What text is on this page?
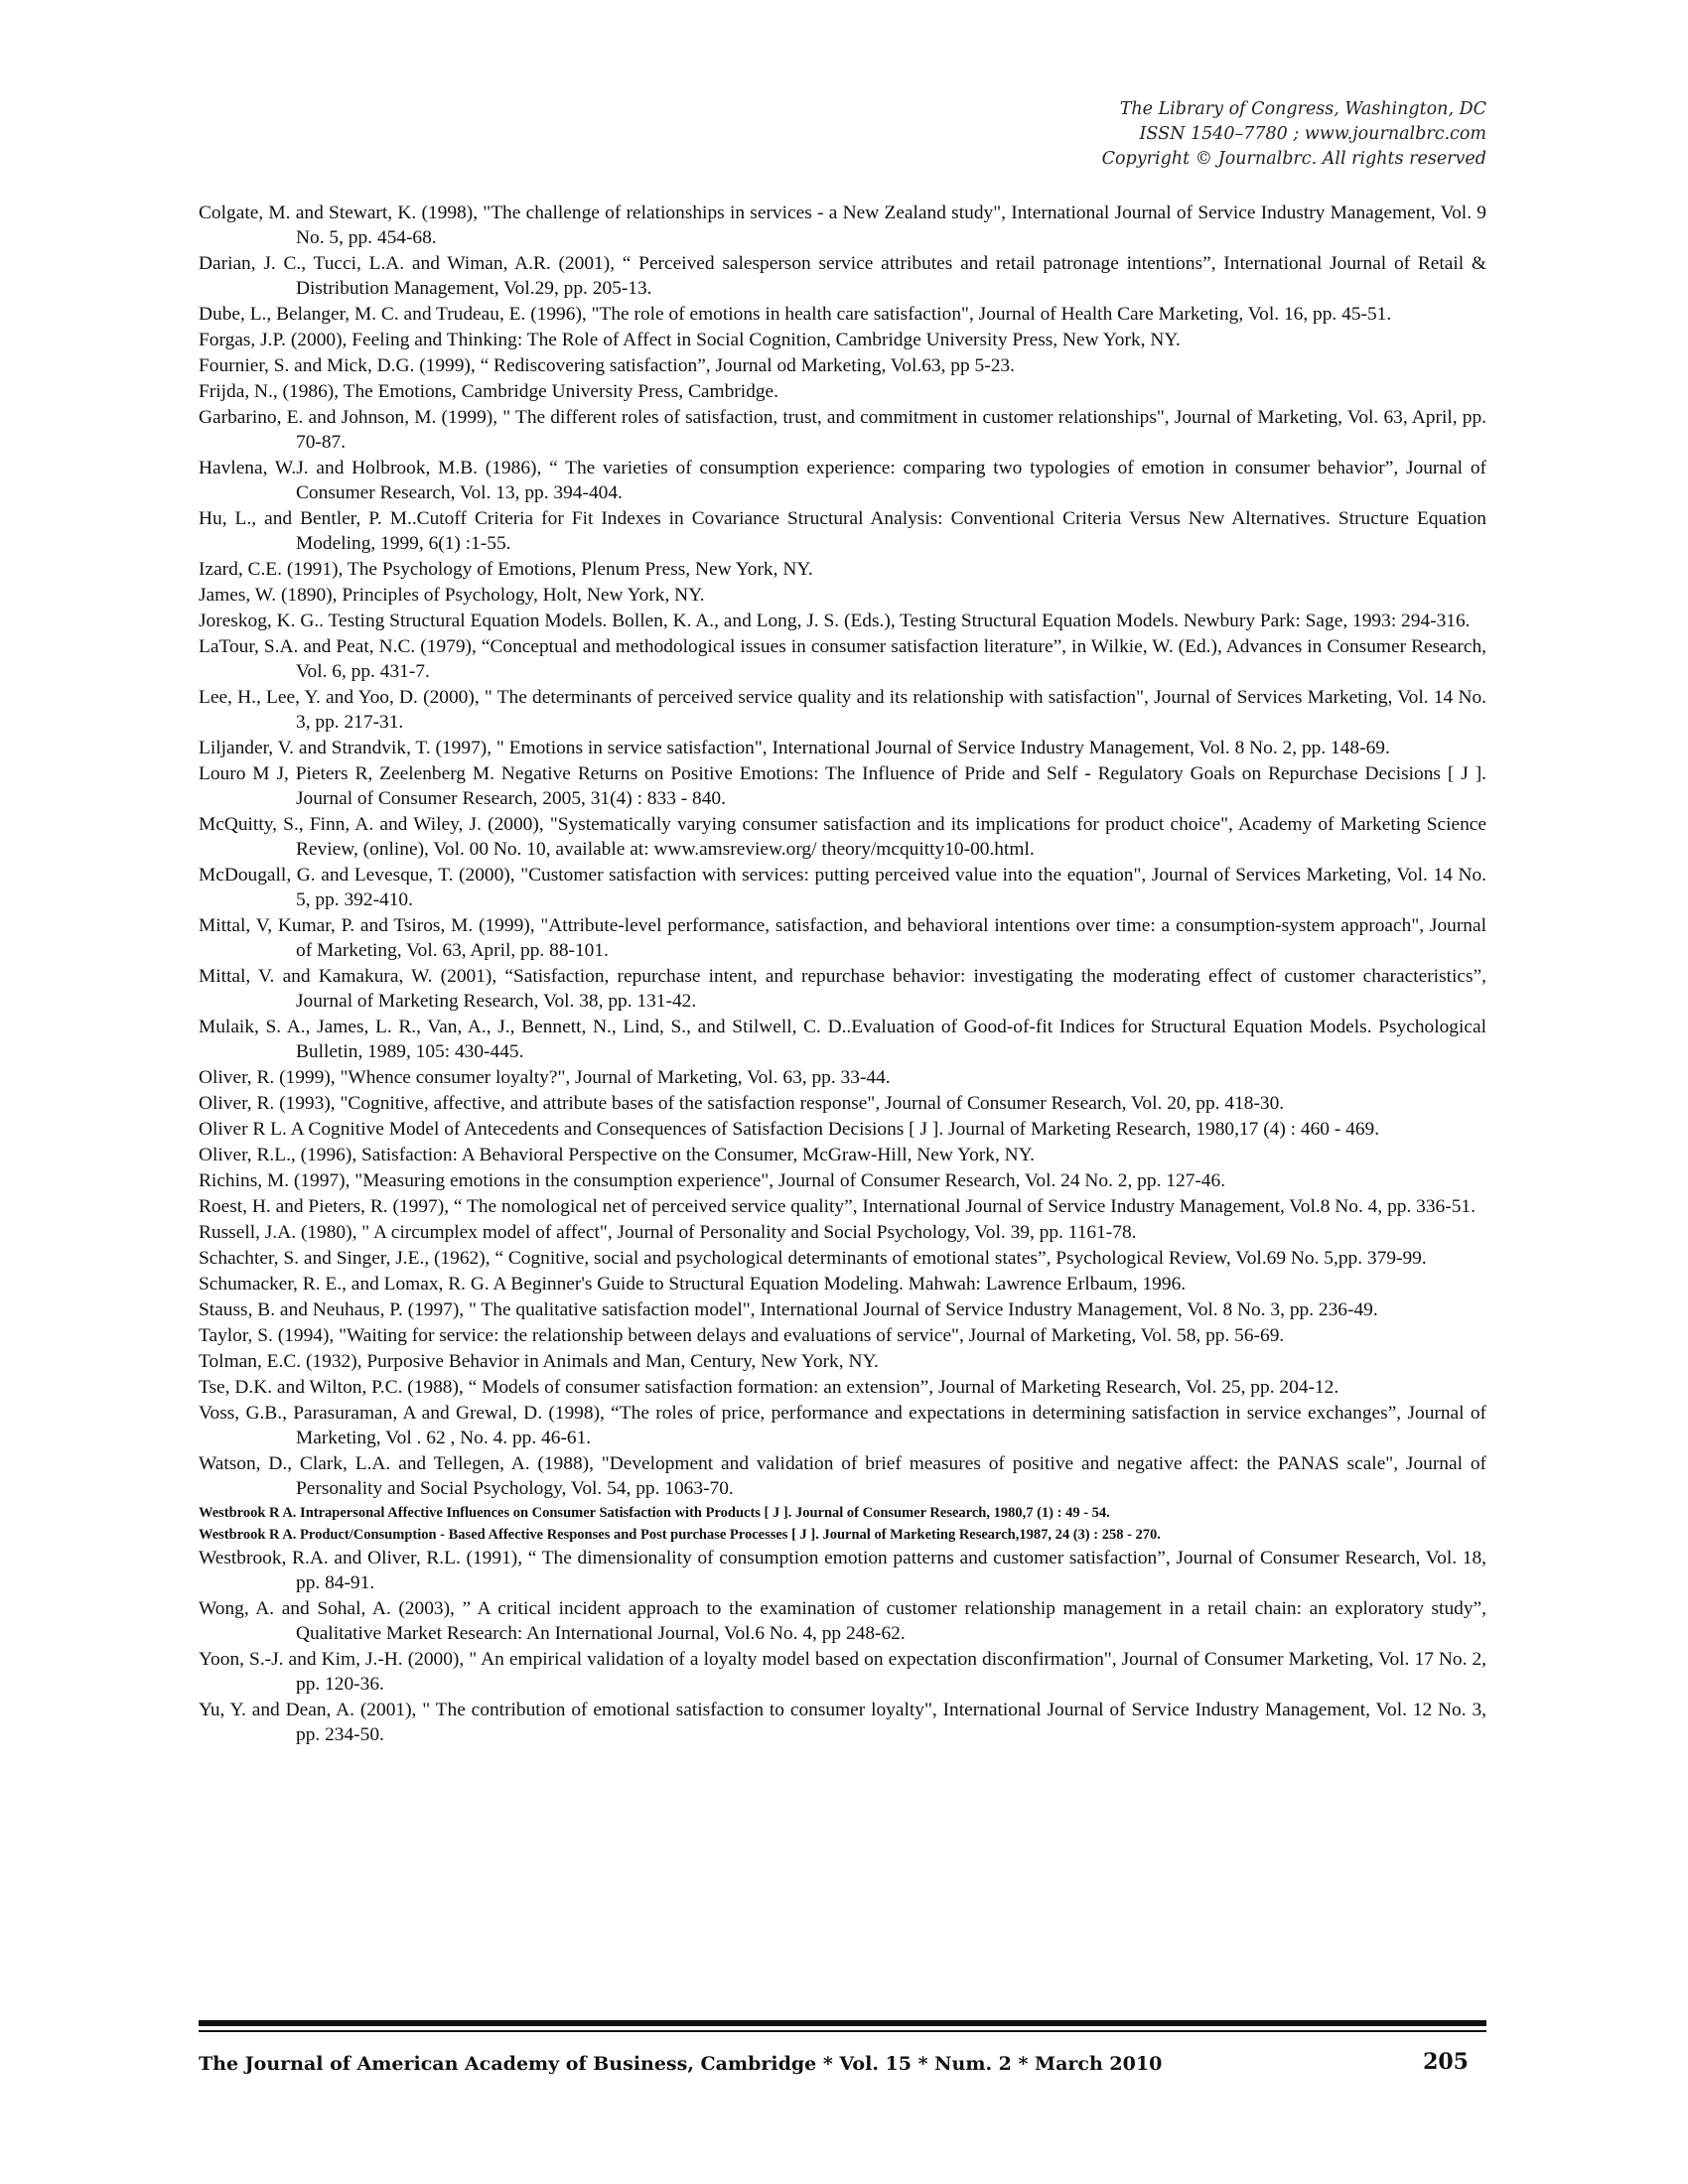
The Library of Congress, Washington, DC
ISSN 1540–7780 ; www.journalbrc.com
Copyright © Journalbrc. All rights reserved
Colgate, M. and Stewart, K. (1998), "The challenge of relationships in services - a New Zealand study", International Journal of Service Industry Management, Vol. 9 No. 5, pp. 454-68.
Darian, J. C., Tucci, L.A. and Wiman, A.R. (2001), “ Perceived salesperson service attributes and retail patronage intentions”, International Journal of Retail & Distribution Management, Vol.29, pp. 205-13.
Dube, L., Belanger, M. C. and Trudeau, E. (1996), "The role of emotions in health care satisfaction", Journal of Health Care Marketing, Vol. 16, pp. 45-51.
Forgas, J.P. (2000), Feeling and Thinking: The Role of Affect in Social Cognition, Cambridge University Press, New York, NY.
Fournier, S. and Mick, D.G. (1999), “ Rediscovering satisfaction”, Journal od Marketing, Vol.63, pp 5-23.
Frijda, N., (1986), The Emotions, Cambridge University Press, Cambridge.
Garbarino, E. and Johnson, M. (1999), " The different roles of satisfaction, trust, and commitment in customer relationships", Journal of Marketing, Vol. 63, April, pp. 70-87.
Havlena, W.J. and Holbrook, M.B. (1986), “ The varieties of consumption experience: comparing two typologies of emotion in consumer behavior”, Journal of Consumer Research, Vol. 13, pp. 394-404.
Hu, L., and Bentler, P. M..Cutoff Criteria for Fit Indexes in Covariance Structural Analysis: Conventional Criteria Versus New Alternatives. Structure Equation Modeling, 1999, 6(1) :1-55.
Izard, C.E. (1991), The Psychology of Emotions, Plenum Press, New York, NY.
James, W. (1890), Principles of Psychology, Holt, New York, NY.
Joreskog, K. G.. Testing Structural Equation Models. Bollen, K. A., and Long, J. S. (Eds.), Testing Structural Equation Models. Newbury Park: Sage, 1993: 294-316.
LaTour, S.A. and Peat, N.C. (1979), “Conceptual and methodological issues in consumer satisfaction literature”, in Wilkie, W. (Ed.), Advances in Consumer Research, Vol. 6, pp. 431-7.
Lee, H., Lee, Y. and Yoo, D. (2000), " The determinants of perceived service quality and its relationship with satisfaction", Journal of Services Marketing, Vol. 14 No. 3, pp. 217-31.
Liljander, V. and Strandvik, T. (1997), " Emotions in service satisfaction", International Journal of Service Industry Management, Vol. 8 No. 2, pp. 148-69.
Louro M J, Pieters R, Zeelenberg M. Negative Returns on Positive Emotions: The Influence of Pride and Self - Regulatory Goals on Repurchase Decisions [ J ]. Journal of Consumer Research, 2005, 31(4) : 833 - 840.
McQuitty, S., Finn, A. and Wiley, J. (2000), "Systematically varying consumer satisfaction and its implications for product choice", Academy of Marketing Science Review, (online), Vol. 00 No. 10, available at: www.amsreview.org/ theory/mcquitty10-00.html.
McDougall, G. and Levesque, T. (2000), "Customer satisfaction with services: putting perceived value into the equation", Journal of Services Marketing, Vol. 14 No. 5, pp. 392-410.
Mittal, V, Kumar, P. and Tsiros, M. (1999), "Attribute-level performance, satisfaction, and behavioral intentions over time: a consumption-system approach", Journal of Marketing, Vol. 63, April, pp. 88-101.
Mittal, V. and Kamakura, W. (2001), “Satisfaction, repurchase intent, and repurchase behavior: investigating the moderating effect of customer characteristics”, Journal of Marketing Research, Vol. 38, pp. 131-42.
Mulaik, S. A., James, L. R., Van, A., J., Bennett, N., Lind, S., and Stilwell, C. D..Evaluation of Good-of-fit Indices for Structural Equation Models. Psychological Bulletin, 1989, 105: 430-445.
Oliver, R. (1999), "Whence consumer loyalty?", Journal of Marketing, Vol. 63, pp. 33-44.
Oliver, R. (1993), "Cognitive, affective, and attribute bases of the satisfaction response", Journal of Consumer Research, Vol. 20, pp. 418-30.
Oliver R L. A Cognitive Model of Antecedents and Consequences of Satisfaction Decisions [ J ]. Journal of Marketing Research, 1980,17 (4) : 460 - 469.
Oliver, R.L., (1996), Satisfaction: A Behavioral Perspective on the Consumer, McGraw-Hill, New York, NY.
Richins, M. (1997), "Measuring emotions in the consumption experience", Journal of Consumer Research, Vol. 24 No. 2, pp. 127-46.
Roest, H. and Pieters, R. (1997), “ The nomological net of perceived service quality”, International Journal of Service Industry Management, Vol.8 No. 4, pp. 336-51.
Russell, J.A. (1980), " A circumplex model of affect", Journal of Personality and Social Psychology, Vol. 39, pp. 1161-78.
Schachter, S. and Singer, J.E., (1962), “ Cognitive, social and psychological determinants of emotional states”, Psychological Review, Vol.69 No. 5,pp. 379-99.
Schumacker, R. E., and Lomax, R. G. A Beginner's Guide to Structural Equation Modeling. Mahwah: Lawrence Erlbaum, 1996.
Stauss, B. and Neuhaus, P. (1997), " The qualitative satisfaction model", International Journal of Service Industry Management, Vol. 8 No. 3, pp. 236-49.
Taylor, S. (1994), "Waiting for service: the relationship between delays and evaluations of service", Journal of Marketing, Vol. 58, pp. 56-69.
Tolman, E.C. (1932), Purposive Behavior in Animals and Man, Century, New York, NY.
Tse, D.K. and Wilton, P.C. (1988), “ Models of consumer satisfaction formation: an extension”, Journal of Marketing Research, Vol. 25, pp. 204-12.
Voss, G.B., Parasuraman, A and Grewal, D. (1998), “The roles of price, performance and expectations in determining satisfaction in service exchanges”, Journal of Marketing, Vol . 62 , No. 4. pp. 46-61.
Watson, D., Clark, L.A. and Tellegen, A. (1988), "Development and validation of brief measures of positive and negative affect: the PANAS scale", Journal of Personality and Social Psychology, Vol. 54, pp. 1063-70.
Westbrook R A. Intrapersonal Affective Influences on Consumer Satisfaction with Products [ J ]. Journal of Consumer Research, 1980,7 (1) : 49 - 54.
Westbrook R A. Product/Consumption - Based Affective Responses and Post purchase Processes [ J ]. Journal of Marketing Research,1987, 24 (3) : 258 - 270.
Westbrook, R.A. and Oliver, R.L. (1991), “ The dimensionality of consumption emotion patterns and customer satisfaction”, Journal of Consumer Research, Vol. 18, pp. 84-91.
Wong, A. and Sohal, A. (2003), ” A critical incident approach to the examination of customer relationship management in a retail chain: an exploratory study”, Qualitative Market Research: An International Journal, Vol.6 No. 4, pp 248-62.
Yoon, S.-J. and Kim, J.-H. (2000), " An empirical validation of a loyalty model based on expectation disconfirmation", Journal of Consumer Marketing, Vol. 17 No. 2, pp. 120-36.
Yu, Y. and Dean, A. (2001), " The contribution of emotional satisfaction to consumer loyalty", International Journal of Service Industry Management, Vol. 12 No. 3, pp. 234-50.
The Journal of American Academy of Business, Cambridge * Vol. 15 * Num. 2 * March 2010	205
